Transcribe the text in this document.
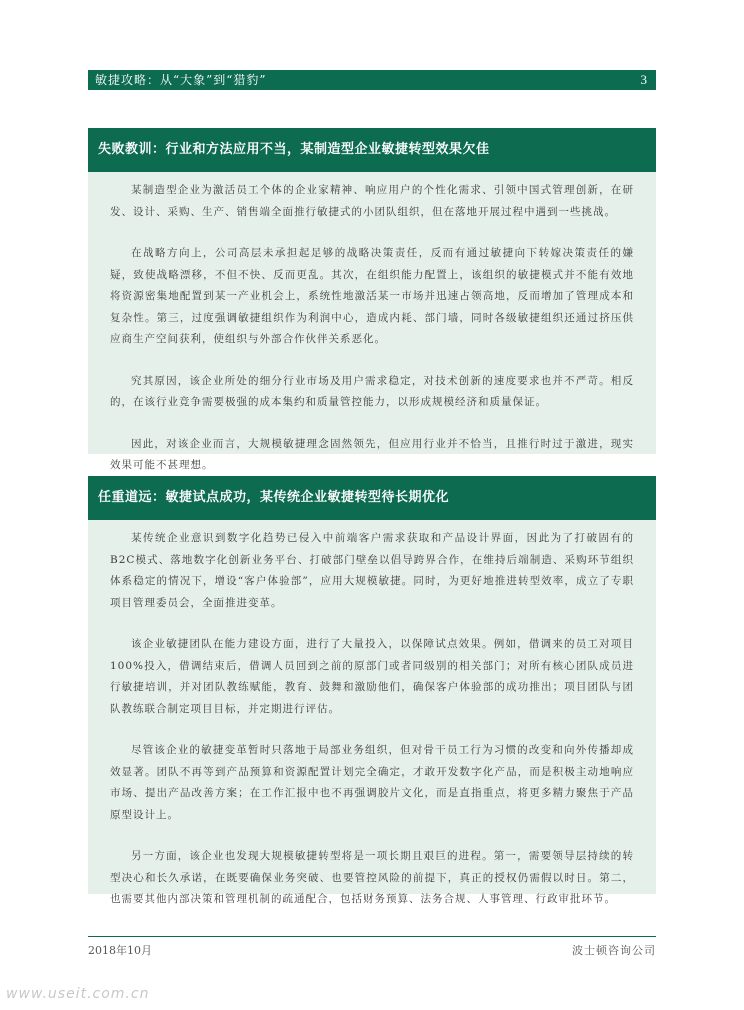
敏捷攻略：从“大象”到“猎豹”	3
失败教训：行业和方法应用不当，某制造型企业敏捷转型效果欠佳

某制造型企业为激活员工个体的企业家精神、响应用户的个性化需求、引领中国式管理创新，在研发、设计、采购、生产、销售端全面推行敏捷式的小团队组织，但在落地开展过程中遇到一些挑战。

在战略方向上，公司高层未承担起足够的战略决策责任，反而有通过敏捷向下转嫁决策责任的嫌疑，致使战略漂移，不但不快、反而更乱。其次，在组织能力配置上，该组织的敏捷模式并不能有效地将资源密集地配置到某一产业机会上，系统性地激活某一市场并迅速占领高地，反而增加了管理成本和复杂性。第三，过度强调敏捷组织作为利润中心，造成内耗、部门墙，同时各级敏捷组织还通过挤压供应商生产空间获利，使组织与外部合作伙伴关系恶化。

究其原因，该企业所处的细分行业市场及用户需求稳定，对技术创新的速度要求也并不严苛。相反的，在该行业竞争需要极强的成本集约和质量管控能力，以形成规模经济和质量保证。

因此，对该企业而言，大规模敏捷理念固然领先，但应用行业并不恰当，且推行时过于激进，现实效果可能不甚理想。

任重道远：敏捷试点成功，某传统企业敏捷转型待长期优化

某传统企业意识到数字化趋势已侵入中前端客户需求获取和产品设计界面，因此为了打破固有的B2C模式、落地数字化创新业务平台、打破部门壁垒以倡导跨界合作，在维持后端制造、采购环节组织体系稳定的情况下，增设“客户体验部”，应用大规模敏捷。同时，为更好地推进转型效率，成立了专职项目管理委员会，全面推进变革。

该企业敏捷团队在能力建设方面，进行了大量投入，以保障试点效果。例如，借调来的员工对项目100%投入，借调结束后，借调人员回到之前的原部门或者同级别的相关部门；对所有核心团队成员进行敏捷培训，并对团队教练赋能，教育、鼓舞和激励他们，确保客户体验部的成功推出；项目团队与团队教练联合制定项目目标，并定期进行评估。

尽管该企业的敏捷变革暂时只落地于局部业务组织，但对骨干员工行为习惯的改变和向外传播却成效显著。团队不再等到产品预算和资源配置计划完全确定，才敢开发数字化产品，而是积极主动地响应市场、提出产品改善方案；在工作汇报中也不再强调胶片文化，而是直指重点，将更多精力聚焦于产品原型设计上。

另一方面，该企业也发现大规模敏捷转型将是一项长期且艰巨的进程。第一，需要领导层持续的转型决心和长久承诺，在既要确保业务突破、也要管控风险的前提下，真正的授权仍需假以时日。第二，也需要其他内部决策和管理机制的疏通配合，包括财务预算、法务合规、人事管理、行政审批环节。

2018年10月	波士顿咨询公司
www.useit.com.cn
